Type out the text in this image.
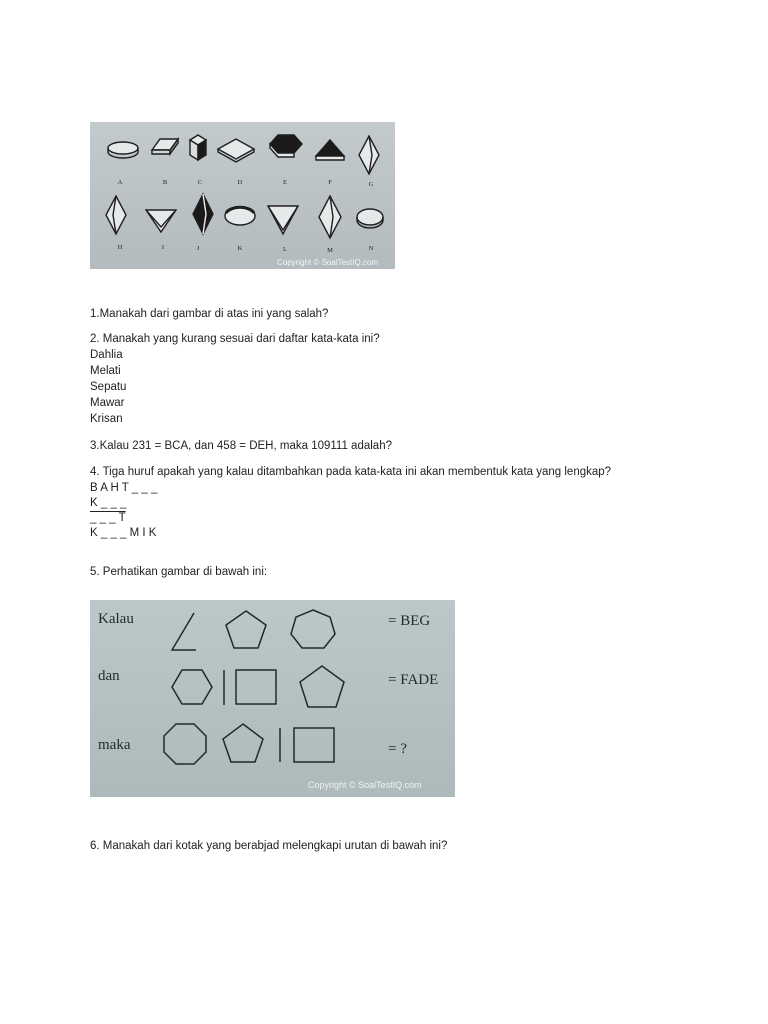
A	B	C	D	E	F	G
H	I	J	K	L	M	N
Copyright © SoalTestIQ.com
1.Manakah dari gambar di atas ini yang salah?
2. Manakah yang kurang sesuai dari daftar kata-kata ini?
Dahlia
Melati
Sepatu
Mawar
Krisan
3.Kalau 231 = BCA, dan 458 = DEH, maka 109111 adalah?
4. Tiga huruf apakah yang kalau ditambahkan pada kata-kata ini akan membentuk kata yang lengkap?
B A H T _ _ _
K _ _ _
_ _ _ T
K _ _ _ M I K
5. Perhatikan gambar di bawah ini:
Kalau
dan
maka
= BEG
= FADE
= ?
Copyright © SoalTestIQ.com
6. Manakah dari kotak yang berabjad melengkapi urutan di bawah ini?
